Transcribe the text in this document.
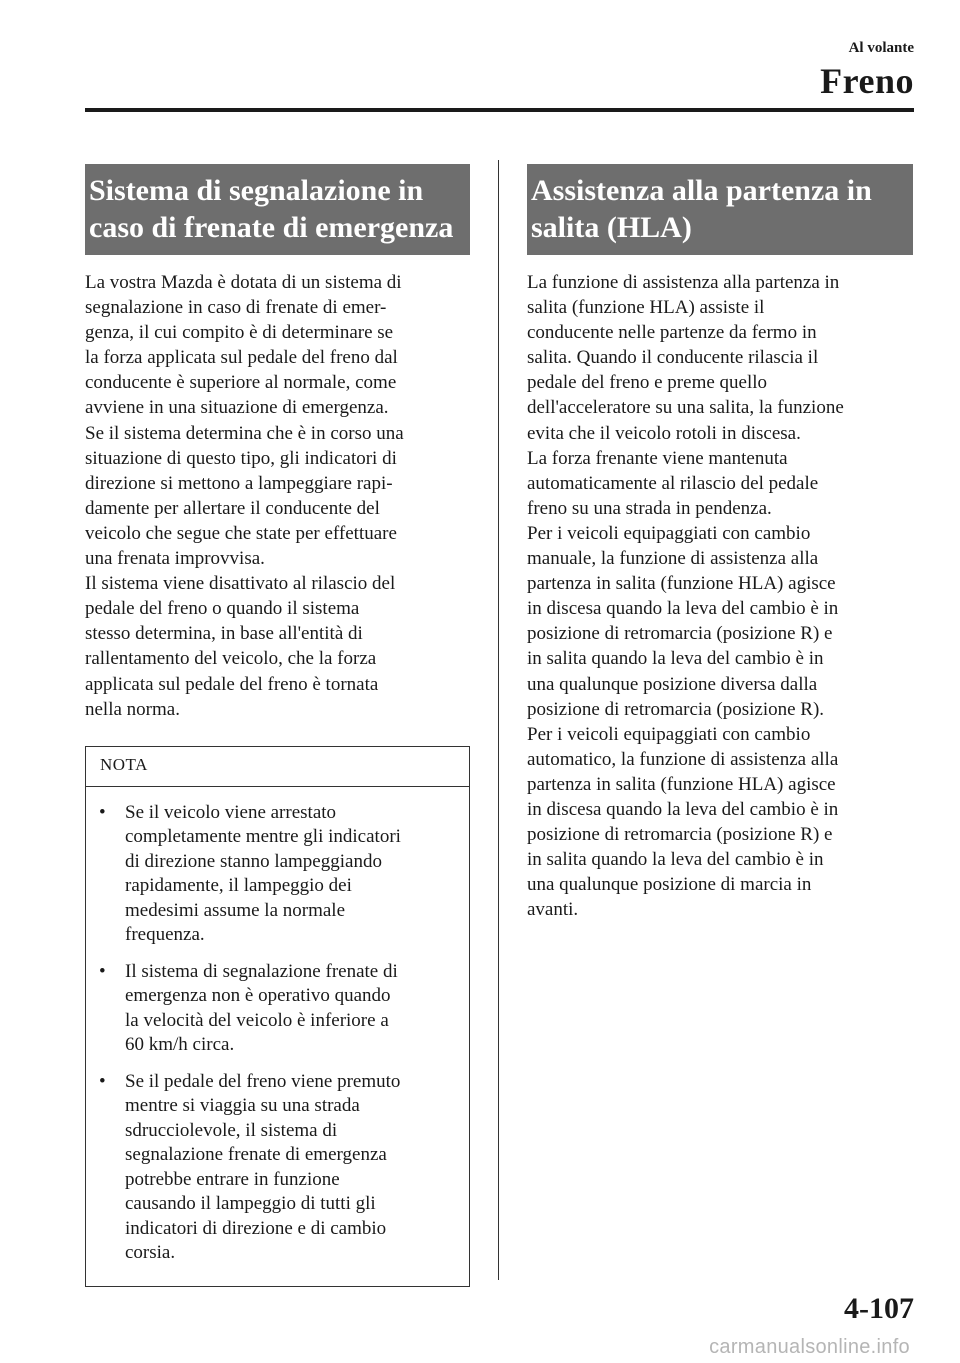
Al volante
Freno
Sistema di segnalazione in
caso di frenate di emergenza
La vostra Mazda è dotata di un sistema di
segnalazione in caso di frenate di emer-
genza, il cui compito è di determinare se
la forza applicata sul pedale del freno dal
conducente è superiore al normale, come
avviene in una situazione di emergenza.
Se il sistema determina che è in corso una
situazione di questo tipo, gli indicatori di
direzione si mettono a lampeggiare rapi-
damente per allertare il conducente del
veicolo che segue che state per effettuare
una frenata improvvisa.
Il sistema viene disattivato al rilascio del
pedale del freno o quando il sistema
stesso determina, in base all'entità di
rallentamento del veicolo, che la forza
applicata sul pedale del freno è tornata
nella norma.
NOTA
• Se il veicolo viene arrestato
completamente mentre gli indicatori
di direzione stanno lampeggiando
rapidamente, il lampeggio dei
medesimi assume la normale
frequenza.
• Il sistema di segnalazione frenate di
emergenza non è operativo quando
la velocità del veicolo è inferiore a
60 km/h circa.
• Se il pedale del freno viene premuto
mentre si viaggia su una strada
sdrucciolevole, il sistema di
segnalazione frenate di emergenza
potrebbe entrare in funzione
causando il lampeggio di tutti gli
indicatori di direzione e di cambio
corsia.
Assistenza alla partenza in
salita (HLA)
La funzione di assistenza alla partenza in
salita (funzione HLA) assiste il
conducente nelle partenze da fermo in
salita. Quando il conducente rilascia il
pedale del freno e preme quello
dell'acceleratore su una salita, la funzione
evita che il veicolo rotoli in discesa.
La forza frenante viene mantenuta
automaticamente al rilascio del pedale
freno su una strada in pendenza.
Per i veicoli equipaggiati con cambio
manuale, la funzione di assistenza alla
partenza in salita (funzione HLA) agisce
in discesa quando la leva del cambio è in
posizione di retromarcia (posizione R) e
in salita quando la leva del cambio è in
una qualunque posizione diversa dalla
posizione di retromarcia (posizione R).
Per i veicoli equipaggiati con cambio
automatico, la funzione di assistenza alla
partenza in salita (funzione HLA) agisce
in discesa quando la leva del cambio è in
posizione di retromarcia (posizione R) e
in salita quando la leva del cambio è in
una qualunque posizione di marcia in
avanti.
4-107
carmanualsonline.info
